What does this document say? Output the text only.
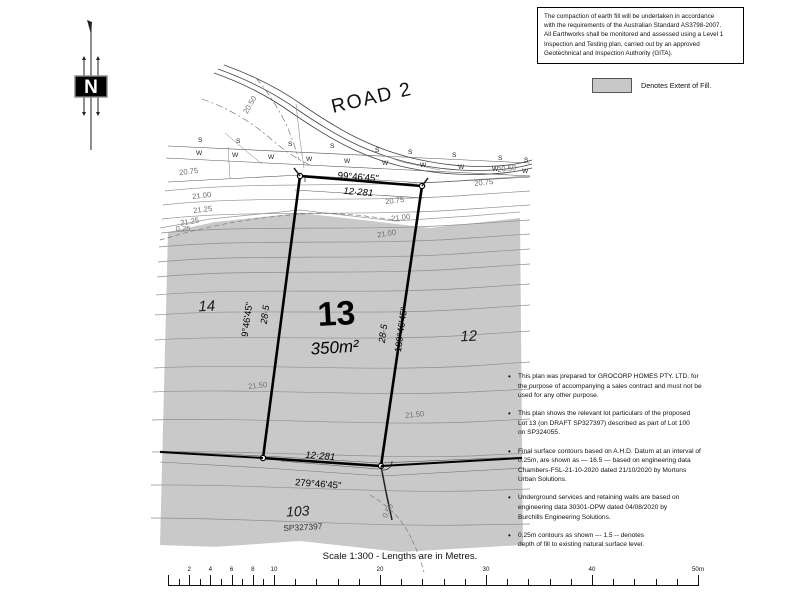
ROAD 2
S	S	S	S
S	S	S	S	S
W	W	W	W	W	W	W	W	W	W
13
350m²
14
12
103
SP327397
99°46'45"
12·281
12·281
279°46'45"
9°46'45" 28·5
28·5 189°46'45"
20.50
20.75
20.75
20.75
21.00
21.00
21.25
21.00
21.25
21.50
21.50
20.50
0.25
0.50
N

The compaction of earth fill will be undertaken in accordance

with the requirements of the Australian Standard AS3798-2007.

All Earthworks shall be monitored and assessed using a Level 1

Inspection and Testing plan, carried out by an approved

Geotechnical and Inspection Authority (GITA).

Denotes Extent of Fill.
•	This plan was prepared for GROCORP HOMES PTY. LTD. for
the purpose of accompanying a sales contract and must not be
used for any other purpose.
•	This plan shows the relevant lot particulars of the proposed
Lot 13 (on DRAFT SP327397) described as part of Lot 100
on SP324055.
•	Final surface contours based on A.H.D. Datum at an interval of
0.25m, are shown as — 16.5 — based on engineering data
Chambers-FSL-21-10-2020 dated 21/10/2020 by Mortons
Urban Solutions.
•	Underground services and retaining walls are based on
engineering data 30301-OPW dated 04/08/2020 by
Burchills Engineering Solutions.
•	0.25m contours as shown --- 1.5 -- denotes
depth of fill to existing natural surface level.
Scale 1:300 - Lengths are in Metres.
2	4	6	8	10	20	30	40	50m
